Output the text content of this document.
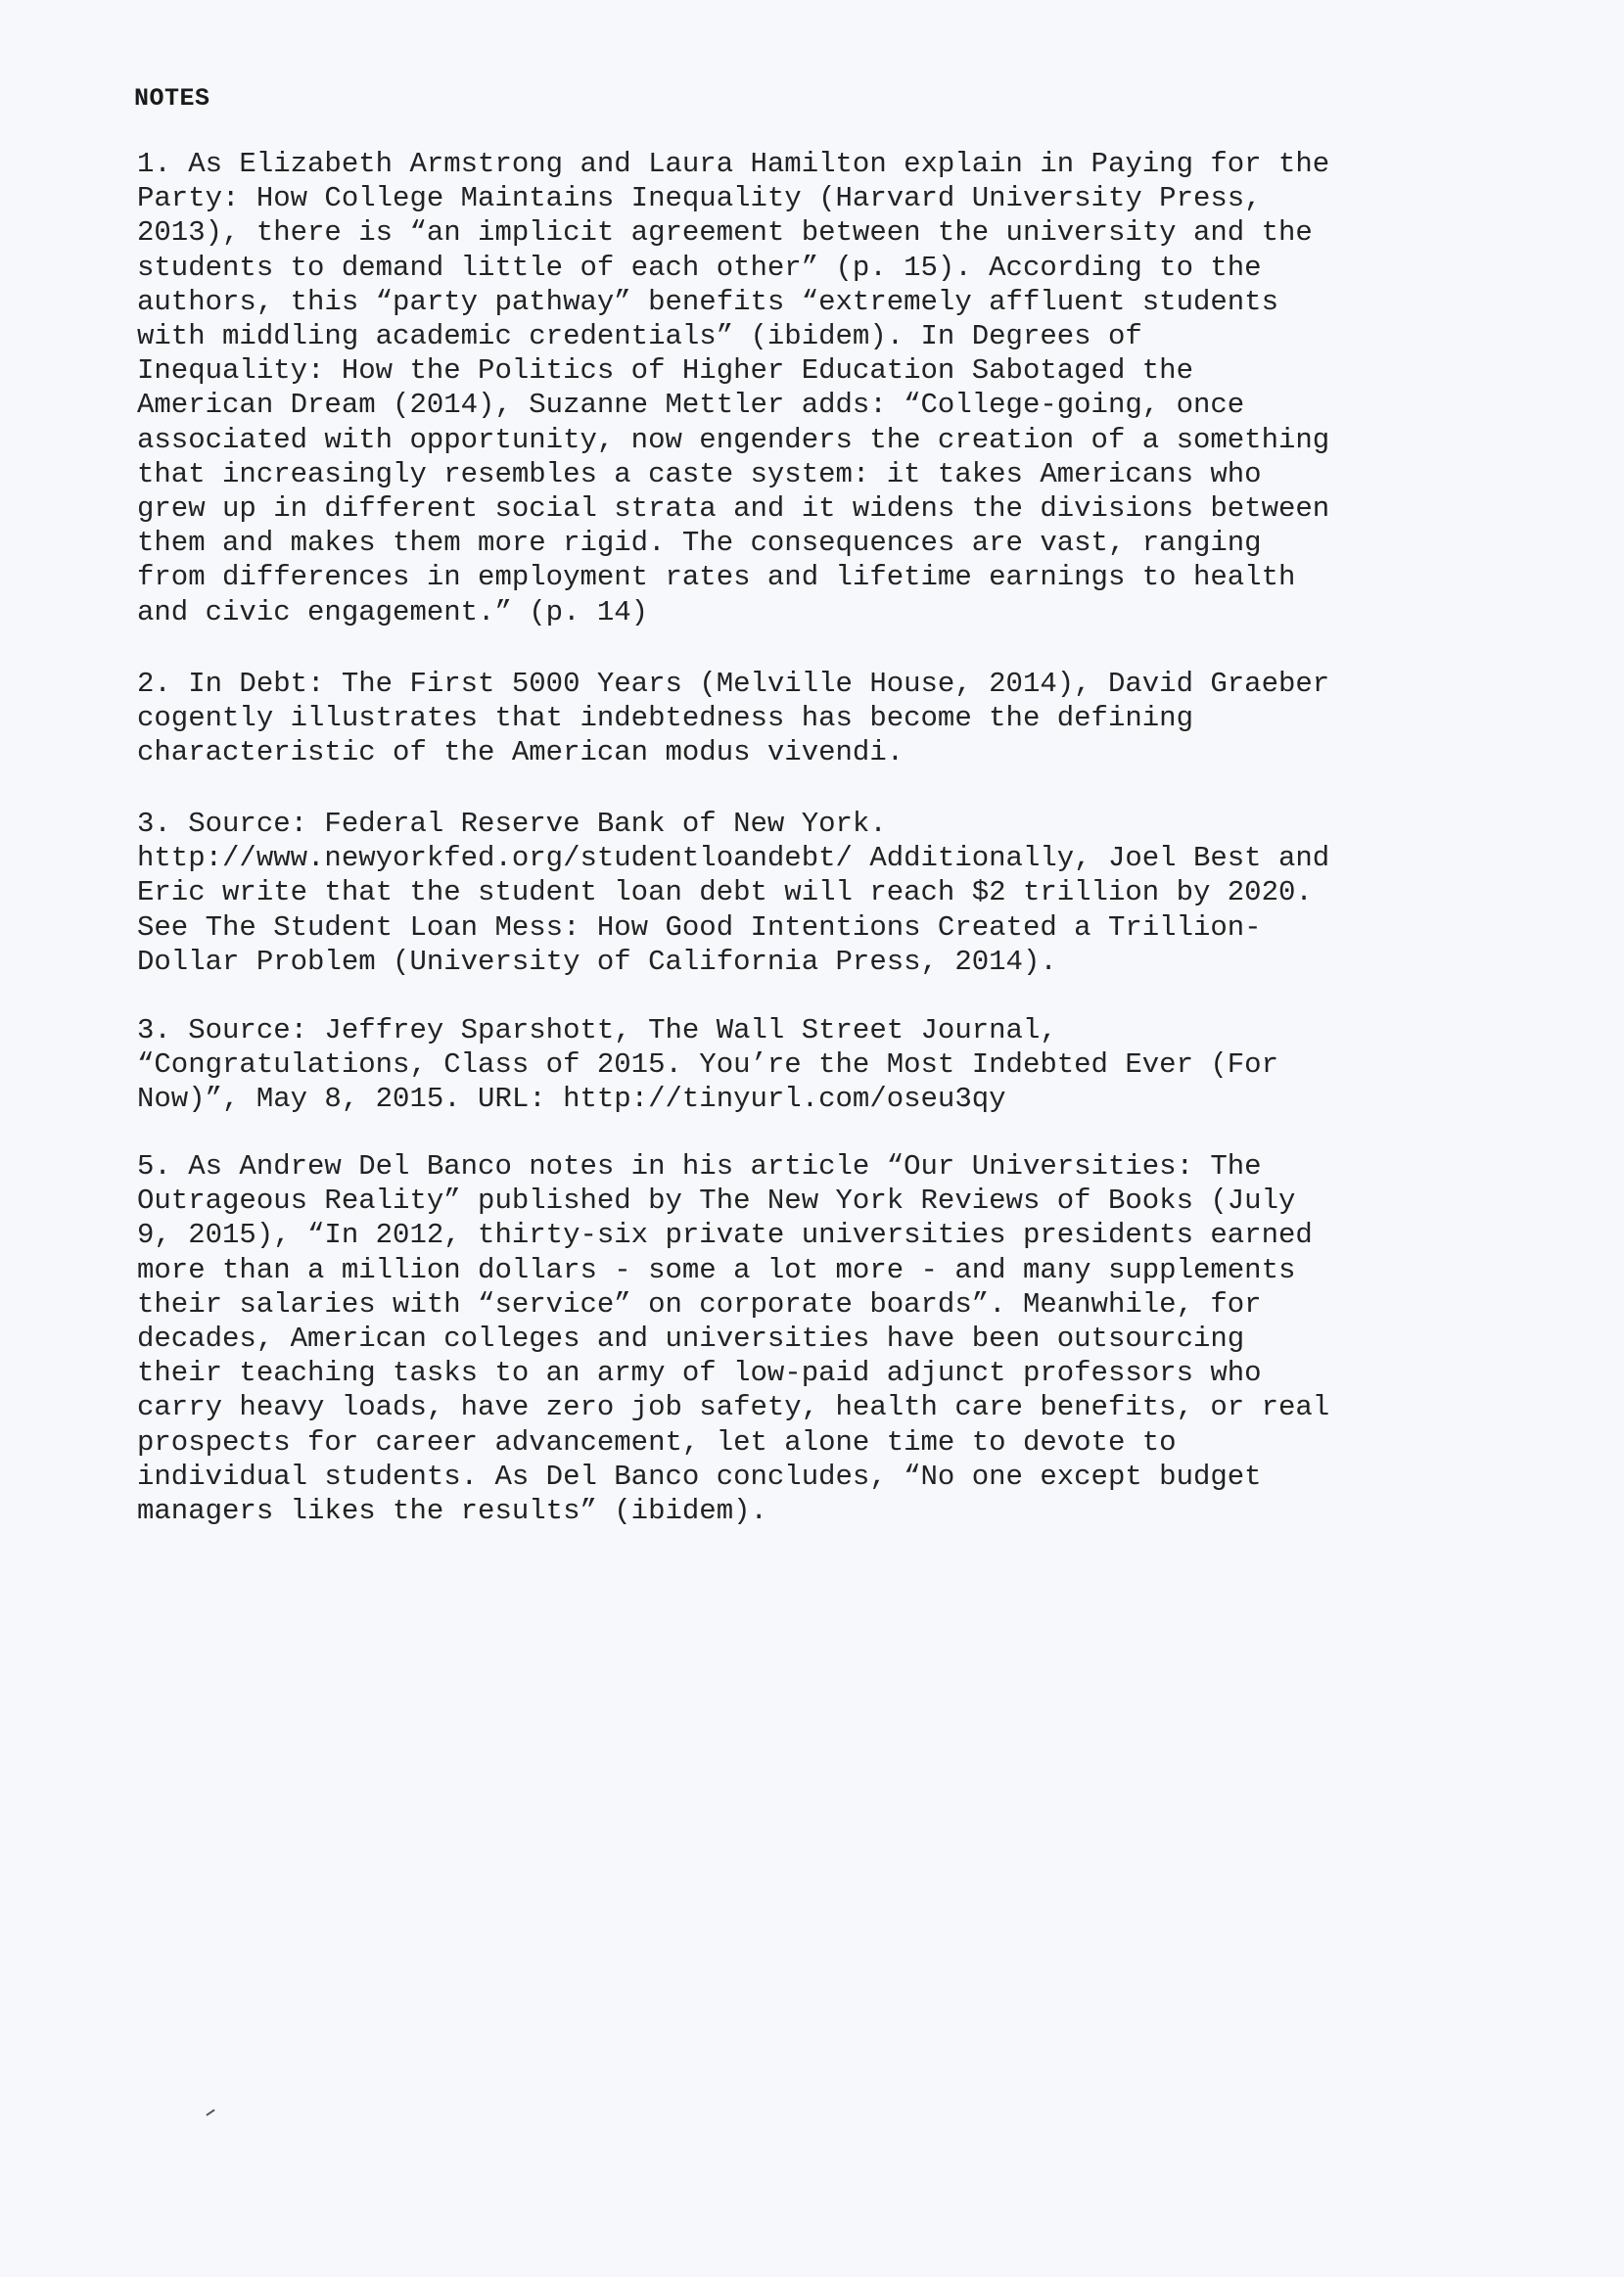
NOTES
1. As Elizabeth Armstrong and Laura Hamilton explain in Paying for the
Party: How College Maintains Inequality (Harvard University Press,
2013), there is “an implicit agreement between the university and the
students to demand little of each other” (p. 15). According to the
authors, this “party pathway” benefits “extremely affluent students
with middling academic credentials” (ibidem). In Degrees of
Inequality: How the Politics of Higher Education Sabotaged the
American Dream (2014), Suzanne Mettler adds: “College-going, once
associated with opportunity, now engenders the creation of a something
that increasingly resembles a caste system: it takes Americans who
grew up in different social strata and it widens the divisions between
them and makes them more rigid. The consequences are vast, ranging
from differences in employment rates and lifetime earnings to health
and civic engagement.” (p. 14)
2. In Debt: The First 5000 Years (Melville House, 2014), David Graeber
cogently illustrates that indebtedness has become the defining
characteristic of the American modus vivendi.
3. Source: Federal Reserve Bank of New York.
http://www.newyorkfed.org/studentloandebt/ Additionally, Joel Best and
Eric write that the student loan debt will reach $2 trillion by 2020.
See The Student Loan Mess: How Good Intentions Created a Trillion-
Dollar Problem (University of California Press, 2014).
3. Source: Jeffrey Sparshott, The Wall Street Journal,
“Congratulations, Class of 2015. You’re the Most Indebted Ever (For
Now)”, May 8, 2015. URL: http://tinyurl.com/oseu3qy
5. As Andrew Del Banco notes in his article “Our Universities: The
Outrageous Reality” published by The New York Reviews of Books (July
9, 2015), “In 2012, thirty-six private universities presidents earned
more than a million dollars - some a lot more - and many supplements
their salaries with “service” on corporate boards”. Meanwhile, for
decades, American colleges and universities have been outsourcing
their teaching tasks to an army of low-paid adjunct professors who
carry heavy loads, have zero job safety, health care benefits, or real
prospects for career advancement, let alone time to devote to
individual students. As Del Banco concludes, “No one except budget
managers likes the results” (ibidem).
